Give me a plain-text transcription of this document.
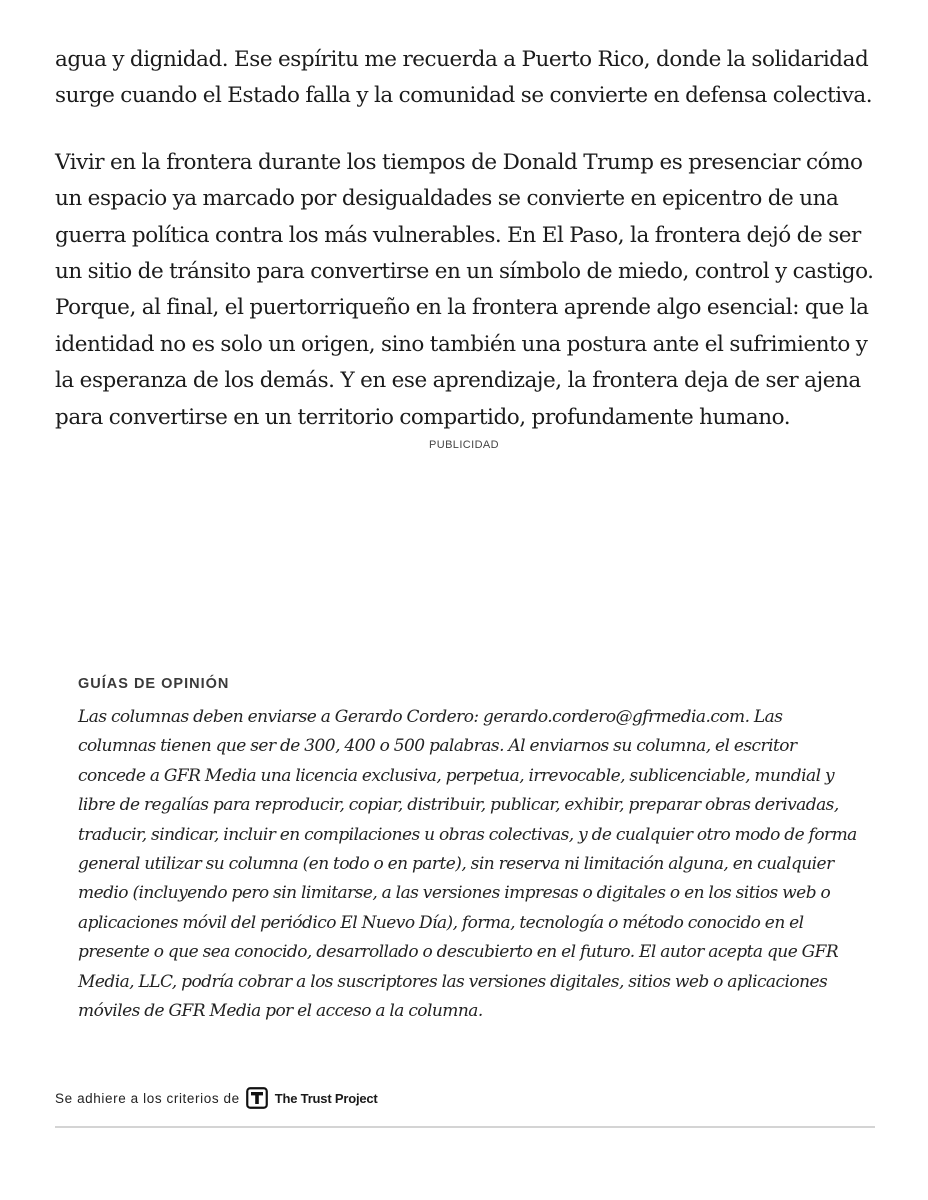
agua y dignidad. Ese espíritu me recuerda a Puerto Rico, donde la solidaridad surge cuando el Estado falla y la comunidad se convierte en defensa colectiva.

Vivir en la frontera durante los tiempos de Donald Trump es presenciar cómo un espacio ya marcado por desigualdades se convierte en epicentro de una guerra política contra los más vulnerables. En El Paso, la frontera dejó de ser un sitio de tránsito para convertirse en un símbolo de miedo, control y castigo. Porque, al final, el puertorriqueño en la frontera aprende algo esencial: que la identidad no es solo un origen, sino también una postura ante el sufrimiento y la esperanza de los demás. Y en ese aprendizaje, la frontera deja de ser ajena para convertirse en un territorio compartido, profundamente humano.

PUBLICIDAD
GUÍAS DE OPINIÓN

Las columnas deben enviarse a Gerardo Cordero: gerardo.cordero@gfrmedia.com. Las columnas tienen que ser de 300, 400 o 500 palabras. Al enviarnos su columna, el escritor concede a GFR Media una licencia exclusiva, perpetua, irrevocable, sublicenciable, mundial y libre de regalías para reproducir, copiar, distribuir, publicar, exhibir, preparar obras derivadas, traducir, sindicar, incluir en compilaciones u obras colectivas, y de cualquier otro modo de forma general utilizar su columna (en todo o en parte), sin reserva ni limitación alguna, en cualquier medio (incluyendo pero sin limitarse, a las versiones impresas o digitales o en los sitios web o aplicaciones móvil del periódico El Nuevo Día), forma, tecnología o método conocido en el presente o que sea conocido, desarrollado o descubierto en el futuro. El autor acepta que GFR Media, LLC, podría cobrar a los suscriptores las versiones digitales, sitios web o aplicaciones móviles de GFR Media por el acceso a la columna.

Se adhiere a los criterios de	The Trust Project
